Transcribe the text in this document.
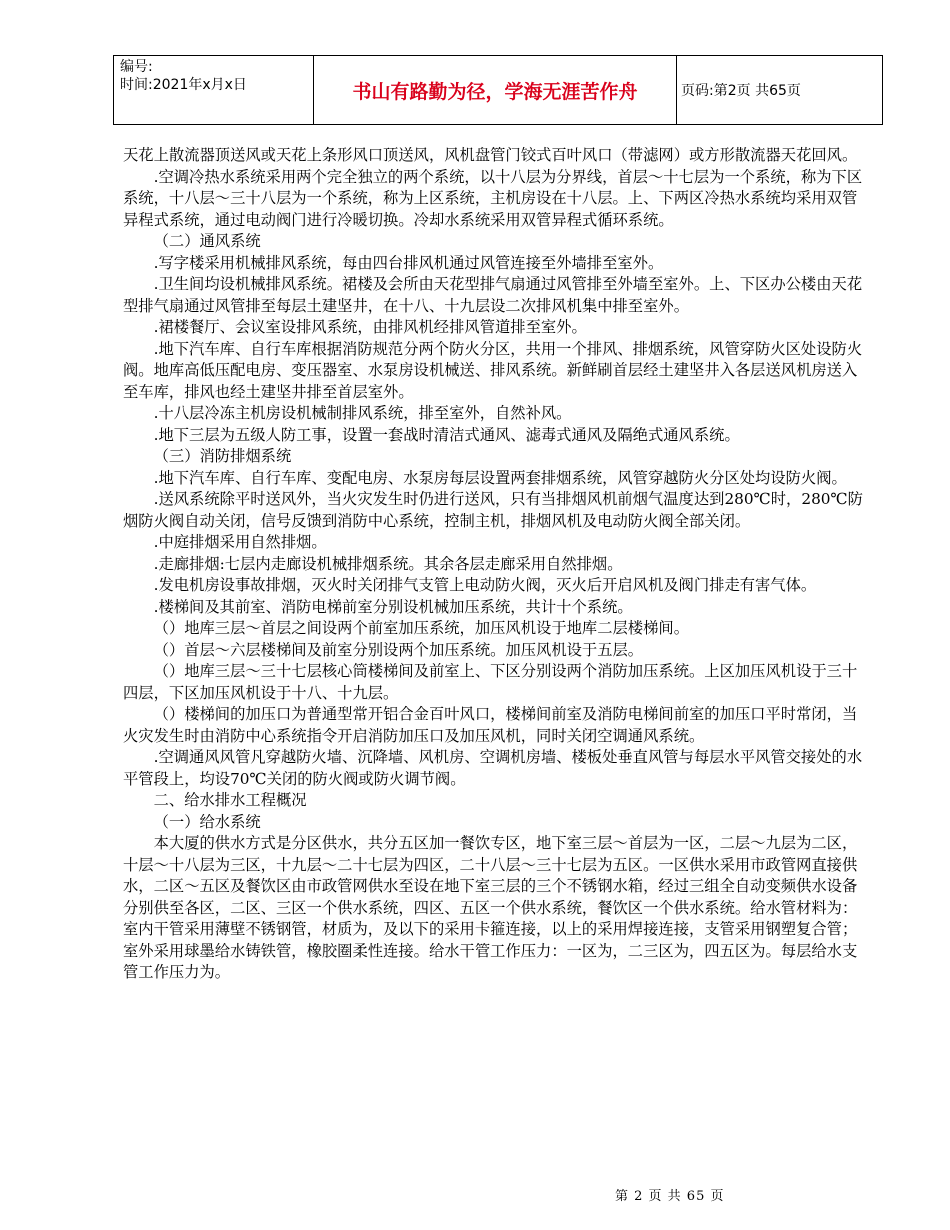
编号:
时间:2021年x月x日	书山有路勤为径，学海无涯苦作舟	页码:第2页 共65页

天花上散流器顶送风或天花上条形风口顶送风，风机盘管门铰式百叶风口（带滤网）或方形散流器天花回风。

.空调冷热水系统采用两个完全独立的两个系统，以十八层为分界线，首层～十七层为一个系统，称为下区系统，十八层～三十八层为一个系统，称为上区系统，主机房设在十八层。上、下两区冷热水系统均采用双管异程式系统，通过电动阀门进行冷暖切换。冷却水系统采用双管异程式循环系统。

（二）通风系统

.写字楼采用机械排风系统，每由四台排风机通过风管连接至外墙排至室外。

.卫生间均设机械排风系统。裙楼及会所由天花型排气扇通过风管排至外墙至室外。上、下区办公楼由天花型排气扇通过风管排至每层土建坚井，在十八、十九层设二次排风机集中排至室外。

.裙楼餐厅、会议室设排风系统，由排风机经排风管道排至室外。

.地下汽车库、自行车库根据消防规范分两个防火分区，共用一个排风、排烟系统，风管穿防火区处设防火阀。地库高低压配电房、变压器室、水泵房设机械送、排风系统。新鲜刷首层经土建坚井入各层送风机房送入至车库，排风也经土建坚井排至首层室外。

.十八层冷冻主机房设机械制排风系统，排至室外，自然补风。

.地下三层为五级人防工事，设置一套战时清洁式通风、滤毒式通风及隔绝式通风系统。

（三）消防排烟系统

.地下汽车库、自行车库、变配电房、水泵房每层设置两套排烟系统，风管穿越防火分区处均设防火阀。

.送风系统除平时送风外，当火灾发生时仍进行送风，只有当排烟风机前烟气温度达到280℃时，280℃防烟防火阀自动关闭，信号反馈到消防中心系统，控制主机，排烟风机及电动防火阀全部关闭。

.中庭排烟采用自然排烟。

.走廊排烟:七层内走廊设机械排烟系统。其余各层走廊采用自然排烟。

.发电机房设事故排烟，灭火时关闭排气支管上电动防火阀，灭火后开启风机及阀门排走有害气体。

.楼梯间及其前室、消防电梯前室分别设机械加压系统，共计十个系统。

（）地库三层～首层之间设两个前室加压系统，加压风机设于地库二层楼梯间。

（）首层～六层楼梯间及前室分别设两个加压系统。加压风机设于五层。

（）地库三层～三十七层核心筒楼梯间及前室上、下区分别设两个消防加压系统。上区加压风机设于三十四层，下区加压风机设于十八、十九层。

（）楼梯间的加压口为普通型常开铝合金百叶风口，楼梯间前室及消防电梯间前室的加压口平时常闭，当火灾发生时由消防中心系统指令开启消防加压口及加压风机，同时关闭空调通风系统。

.空调通风风管凡穿越防火墙、沉降墙、风机房、空调机房墙、楼板处垂直风管与每层水平风管交接处的水平管段上，均设70℃关闭的防火阀或防火调节阀。

二、给水排水工程概况

（一）给水系统

本大厦的供水方式是分区供水，共分五区加一餐饮专区，地下室三层～首层为一区，二层～九层为二区，十层～十八层为三区，十九层～二十七层为四区，二十八层～三十七层为五区。一区供水采用市政管网直接供水，二区～五区及餐饮区由市政管网供水至设在地下室三层的三个不锈钢水箱，经过三组全自动变频供水设备分别供至各区，二区、三区一个供水系统，四区、五区一个供水系统，餐饮区一个供水系统。给水管材料为：室内干管采用薄壁不锈钢管，材质为，及以下的采用卡箍连接，以上的采用焊接连接，支管采用钢塑复合管；室外采用球墨给水铸铁管，橡胶圈柔性连接。给水干管工作压力：一区为，二三区为，四五区为。每层给水支管工作压力为。

第 2 页 共 65 页
